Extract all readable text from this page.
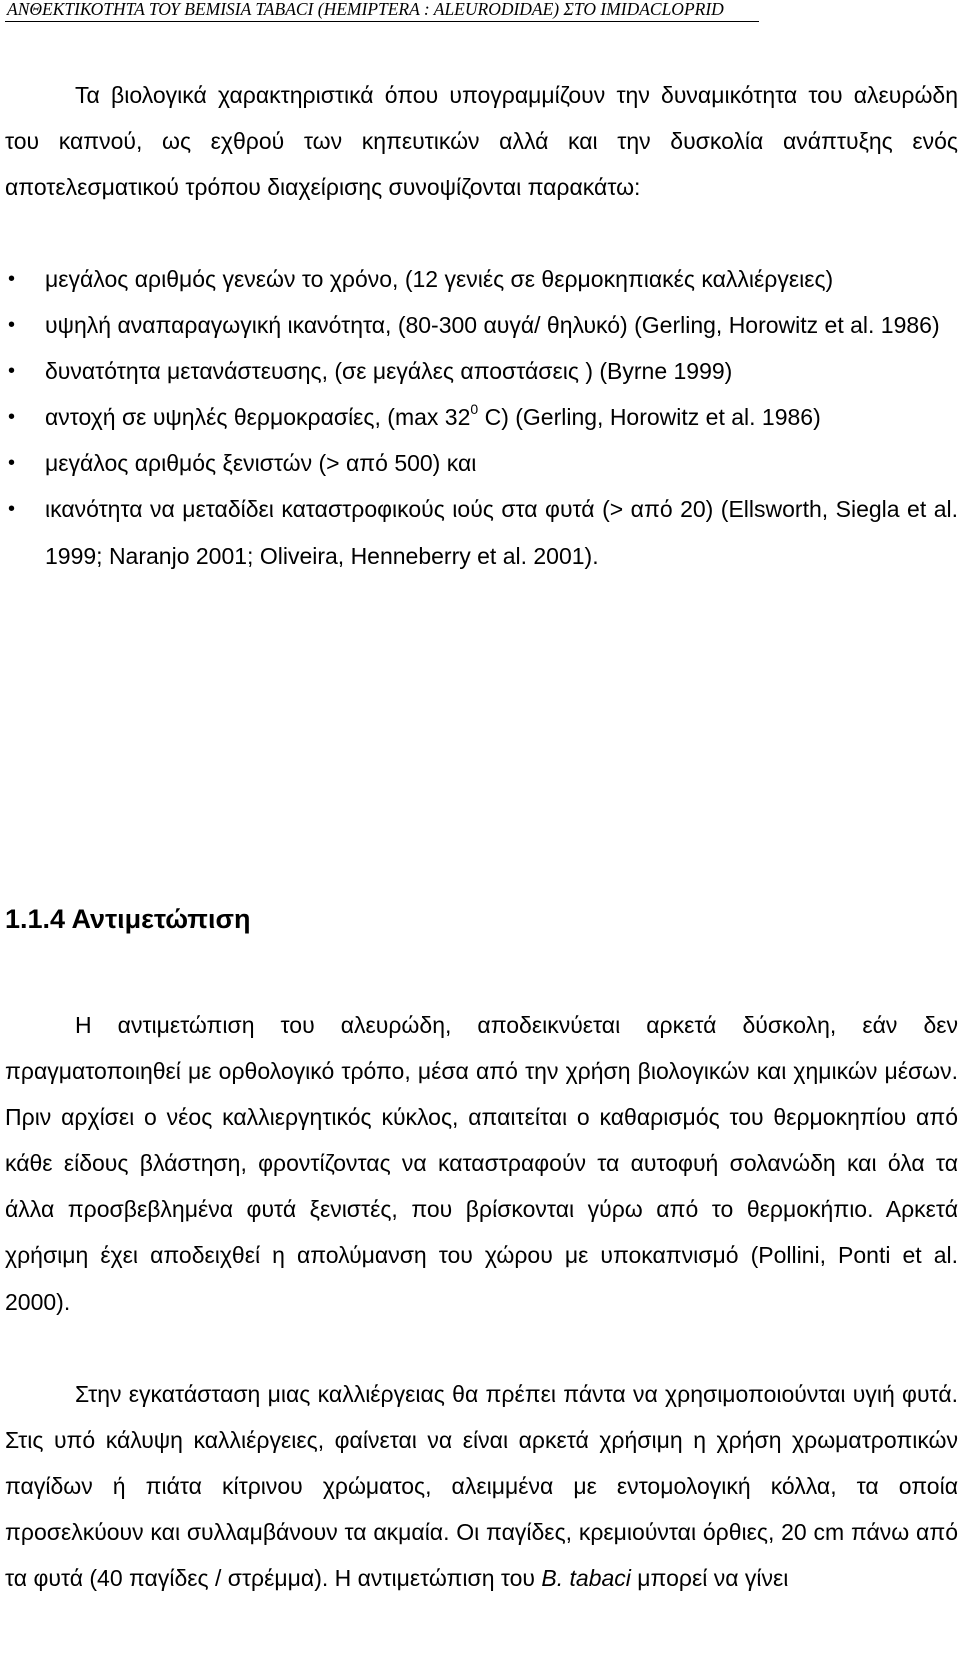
ΑΝΘΕΚΤΙΚΟΤΗΤΑ ΤΟΥ BEMISIA TABACI (HEMIPTERA : ALEURODIDAE) ΣΤΟ IMIDACLOPRID

Τα βιολογικά χαρακτηριστικά όπου υπογραμμίζουν την δυναμικότητα του αλευρώδη του καπνού, ως εχθρού των κηπευτικών αλλά και την δυσκολία ανάπτυξης ενός αποτελεσματικού τρόπου διαχείρισης συνοψίζονται παρακάτω:

•	μεγάλος αριθμός γενεών το χρόνο, (12 γενιές σε θερμοκηπιακές καλλιέργειες)
•	υψηλή αναπαραγωγική ικανότητα, (80-300 αυγά/ θηλυκό) (Gerling, Horowitz et al. 1986)
•	δυνατότητα μετανάστευσης, (σε μεγάλες αποστάσεις ) (Byrne 1999)
•	αντοχή σε υψηλές θερμοκρασίες, (max $32^0$ C) (Gerling, Horowitz et al. 1986)
•	μεγάλος αριθμός ξενιστών (> από 500) και
•	ικανότητα να μεταδίδει καταστροφικούς ιούς στα φυτά (> από 20) (Ellsworth, Siegla et al. 1999; Naranjo 2001; Oliveira, Henneberry et al. 2001).
1.1.4 Αντιμετώπιση

Η αντιμετώπιση του αλευρώδη, αποδεικνύεται αρκετά δύσκολη, εάν δεν πραγματοποιηθεί με ορθολογικό τρόπο, μέσα από την χρήση βιολογικών και χημικών μέσων. Πριν αρχίσει ο νέος καλλιεργητικός κύκλος, απαιτείται ο καθαρισμός του θερμοκηπίου από κάθε είδους βλάστηση, φροντίζοντας να καταστραφούν τα αυτοφυή σολανώδη και όλα τα άλλα προσβεβλημένα φυτά ξενιστές, που βρίσκονται γύρω από το θερμοκήπιο. Αρκετά χρήσιμη έχει αποδειχθεί η απολύμανση του χώρου με υποκαπνισμό (Pollini, Ponti et al. 2000).

Στην εγκατάσταση μιας καλλιέργειας θα πρέπει πάντα να χρησιμοποιούνται υγιή φυτά. Στις υπό κάλυψη καλλιέργειες, φαίνεται να είναι αρκετά χρήσιμη η χρήση χρωματροπικών παγίδων ή πιάτα κίτρινου χρώματος, αλειμμένα με εντομολογική κόλλα, τα οποία προσελκύουν και συλλαμβάνουν τα ακμαία. Οι παγίδες, κρεμιούνται όρθιες, 20 cm πάνω από τα φυτά (40 παγίδες / στρέμμα). Η αντιμετώπιση του B. tabaci μπορεί να γίνει
